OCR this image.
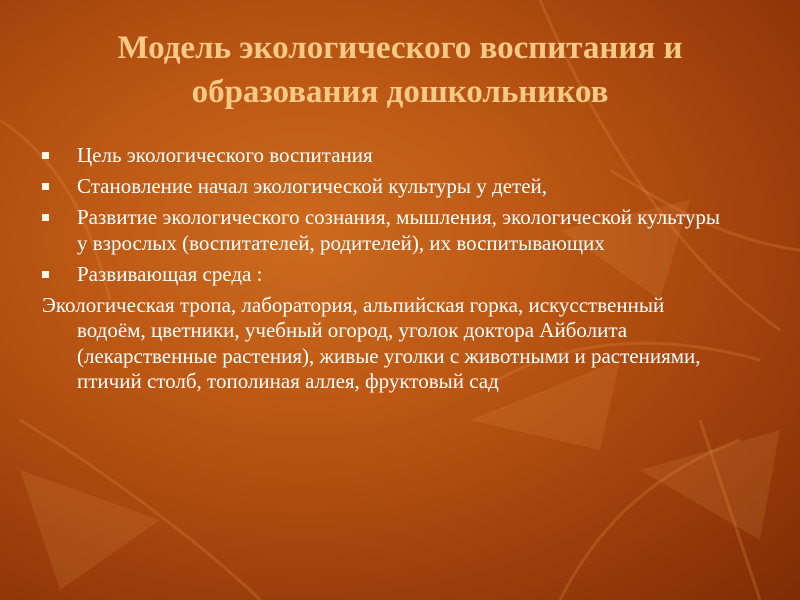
Модель экологического воспитания и образования дошкольников

Цель экологического воспитания

Становление начал экологической культуры у детей,

Развитие экологического сознания, мышления, экологической культуры у взрослых (воспитателей, родителей), их воспитывающих

Развивающая среда :

Экологическая тропа, лаборатория, альпийская горка, искусственный водоём, цветники, учебный огород, уголок доктора Айболита (лекарственные растения), живые уголки с животными и растениями, птичий столб, тополиная аллея, фруктовый сад
